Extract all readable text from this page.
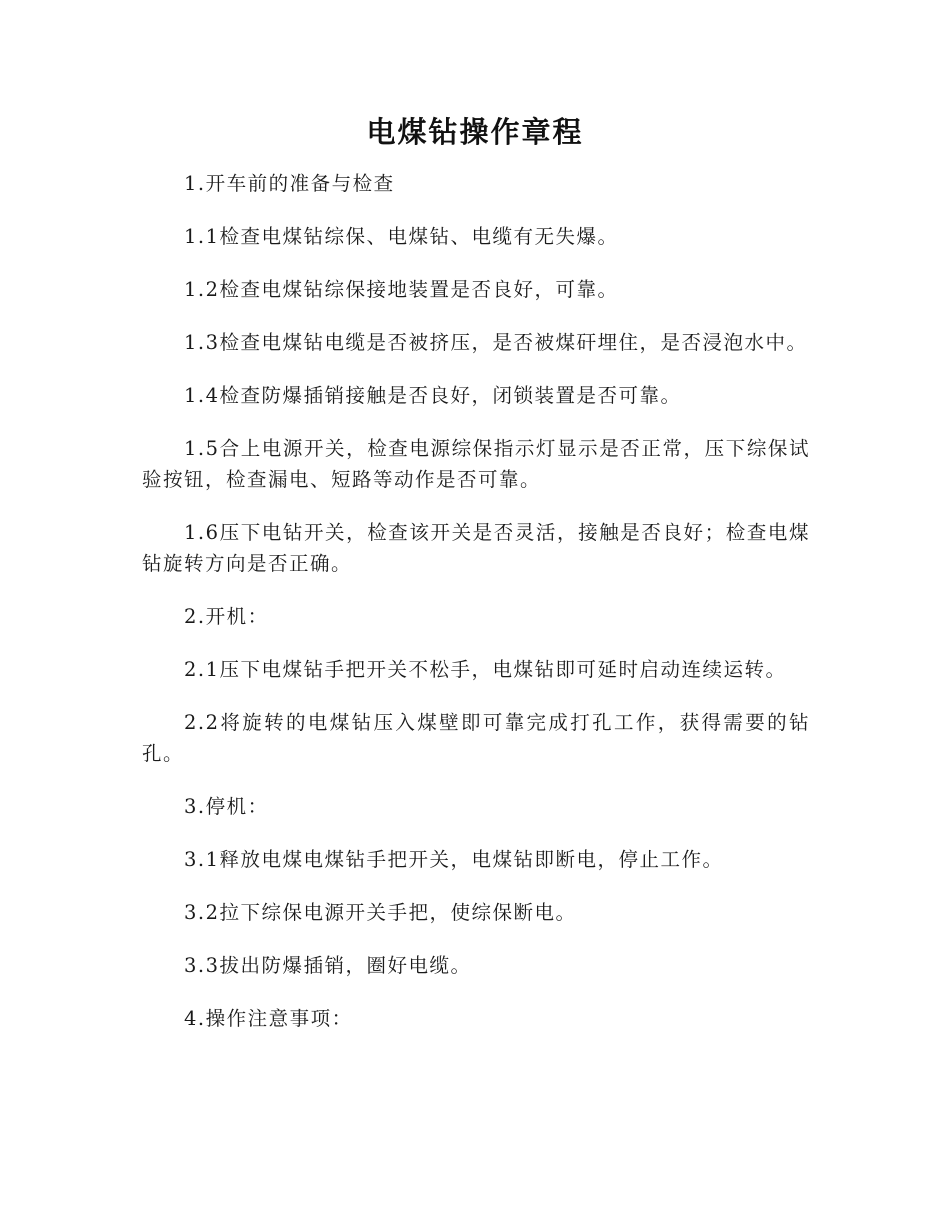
电煤钻操作章程

1.开车前的准备与检查

1.1检查电煤钻综保、电煤钻、电缆有无失爆。

1.2检查电煤钻综保接地装置是否良好，可靠。

1.3检查电煤钻电缆是否被挤压，是否被煤矸埋住，是否浸泡水中。

1.4检查防爆插销接触是否良好，闭锁装置是否可靠。

1.5合上电源开关，检查电源综保指示灯显示是否正常，压下综保试验按钮，检查漏电、短路等动作是否可靠。

1.6压下电钻开关，检查该开关是否灵活，接触是否良好；检查电煤钻旋转方向是否正确。

2.开机：

2.1压下电煤钻手把开关不松手，电煤钻即可延时启动连续运转。

2.2将旋转的电煤钻压入煤壁即可靠完成打孔工作，获得需要的钻孔。

3.停机：

3.1释放电煤电煤钻手把开关，电煤钻即断电，停止工作。

3.2拉下综保电源开关手把，使综保断电。

3.3拔出防爆插销，圈好电缆。

4.操作注意事项：
